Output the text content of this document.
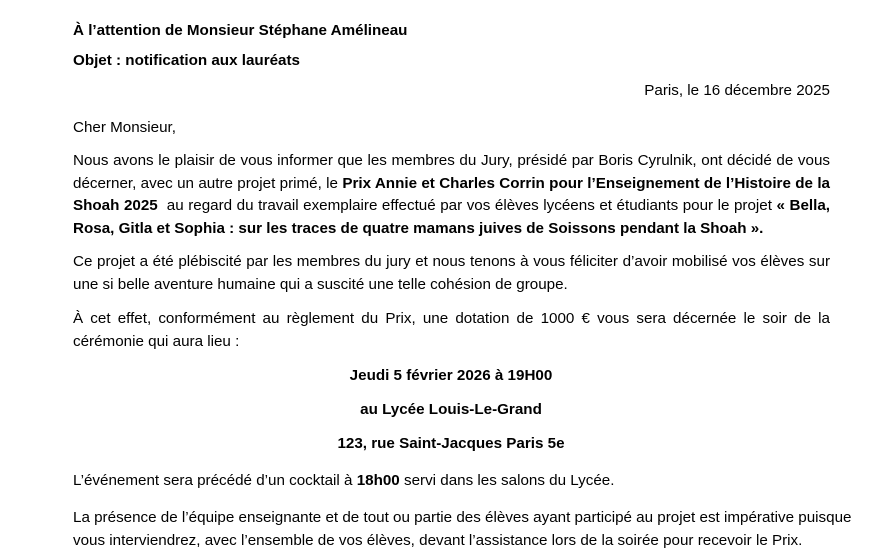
À l’attention de Monsieur Stéphane Amélineau
Objet : notification aux lauréats
Paris, le 16 décembre 2025
Cher Monsieur,
Nous avons le plaisir de vous informer que les membres du Jury, présidé par Boris Cyrulnik, ont décidé de vous
décerner, avec un autre projet primé, le Prix Annie et Charles Corrin pour l’Enseignement de l’Histoire de la
Shoah 2025  au regard du travail exemplaire effectué par vos élèves lycéens et étudiants pour le projet « Bella,
Rosa, Gitla et Sophia : sur les traces de quatre mamans juives de Soissons pendant la Shoah ».
Ce projet a été plébiscité par les membres du jury et nous tenons à vous féliciter d’avoir mobilisé vos élèves sur
une si belle aventure humaine qui a suscité une telle cohésion de groupe.
À cet effet, conformément au règlement du Prix, une dotation de 1000 € vous sera décernée le soir de la
cérémonie qui aura lieu :
Jeudi 5 février 2026 à 19H00
au Lycée Louis-Le-Grand
123, rue Saint-Jacques Paris 5e
L’événement sera précédé d’un cocktail à 18h00 servi dans les salons du Lycée.
La présence de l’équipe enseignante et de tout ou partie des élèves ayant participé au projet est impérative puisque
vous interviendrez, avec l’ensemble de vos élèves, devant l’assistance lors de la soirée pour recevoir le Prix.
